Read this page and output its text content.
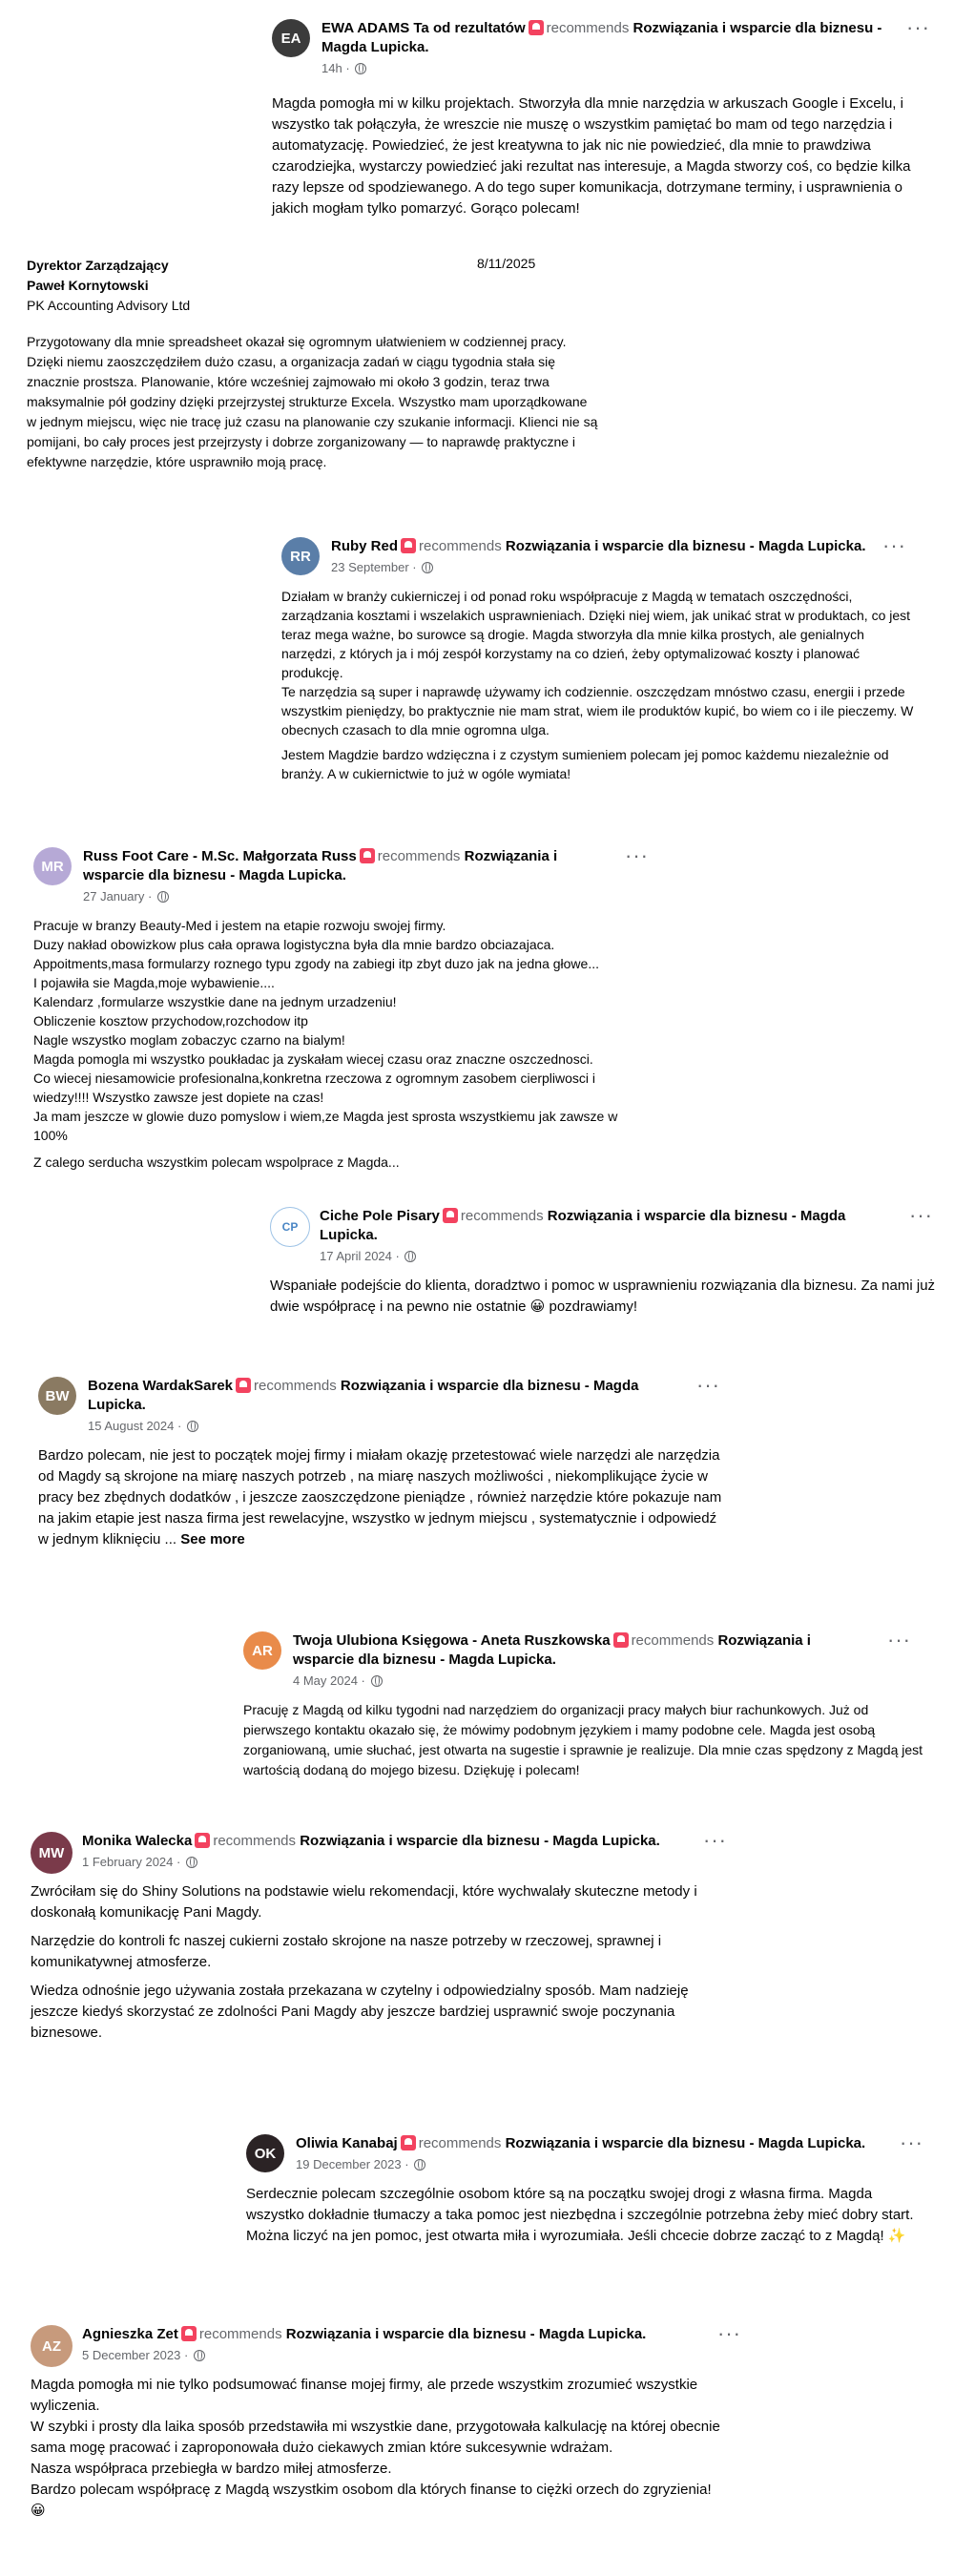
EA
EWA ADAMS Ta od rezultatów recommends Rozwiązania i wsparcie dla biznesu - Magda Lupicka.
14h ·
···
Magda pomogła mi w kilku projektach. Stworzyła dla mnie narzędzia w arkuszach Google i Excelu, i wszystko tak połączyła, że wreszcie nie muszę o wszystkim pamiętać bo mam od tego narzędzia i automatyzację. Powiedzieć, że jest kreatywna to jak nic nie powiedzieć, dla mnie to prawdziwa czarodziejka, wystarczy powiedzieć jaki rezultat nas interesuje, a Magda stworzy coś, co będzie kilka razy lepsze od spodziewanego. A do tego super komunikacja, dotrzymane terminy, i usprawnienia o jakich mogłam tylko pomarzyć. Gorąco polecam!
Dyrektor Zarządzający
Paweł Kornytowski
PK Accounting Advisory Ltd
8/11/2025
Przygotowany dla mnie spreadsheet okazał się ogromnym ułatwieniem w codziennej pracy. Dzięki niemu zaoszczędziłem dużo czasu, a organizacja zadań w ciągu tygodnia stała się znacznie prostsza. Planowanie, które wcześniej zajmowało mi około 3 godzin, teraz trwa maksymalnie pół godziny dzięki przejrzystej strukturze Excela. Wszystko mam uporządkowane w jednym miejscu, więc nie tracę już czasu na planowanie czy szukanie informacji. Klienci nie są pomijani, bo cały proces jest przejrzysty i dobrze zorganizowany — to naprawdę praktyczne i efektywne narzędzie, które usprawniło moją pracę.
RR
Ruby Red recommends Rozwiązania i wsparcie dla biznesu - Magda Lupicka.
23 September ·
···

Działam w branży cukierniczej i od ponad roku współpracuje z Magdą w tematach oszczędności, zarządzania kosztami i wszelakich usprawnieniach. Dzięki niej wiem, jak unikać strat w produktach, co jest teraz mega ważne, bo surowce są drogie. Magda stworzyła dla mnie kilka prostych, ale genialnych narzędzi, z których ja i mój zespół korzystamy na co dzień, żeby optymalizować koszty i planować produkcję.

Te narzędzia są super i naprawdę używamy ich codziennie. oszczędzam mnóstwo czasu, energii i przede wszystkim pieniędzy, bo praktycznie nie mam strat, wiem ile produktów kupić, bo wiem co i ile pieczemy. W obecnych czasach to dla mnie ogromna ulga.

Jestem Magdzie bardzo wdzięczna i z czystym sumieniem polecam jej pomoc każdemu niezależnie od branży. A w cukiernictwie to już w ogóle wymiata!

MR
Russ Foot Care - M.Sc. Małgorzata Russ recommends Rozwiązania i wsparcie dla biznesu - Magda Lupicka.
27 January ·
···
Pracuje w branzy Beauty-Med i jestem na etapie rozwoju swojej firmy.
Duzy nakład obowizkow plus cała oprawa logistyczna była dla mnie bardzo obciazajaca.
Appoitments,masa formularzy roznego typu zgody na zabiegi itp zbyt duzo jak na jedna głowe...
I pojawiła sie Magda,moje wybawienie....
Kalendarz ,formularze wszystkie dane na jednym urzadzeniu!
Obliczenie kosztow przychodow,rozchodow itp
Nagle wszystko moglam zobaczyc czarno na bialym!
Magda pomogla mi wszystko poukładac ja zyskałam wiecej czasu oraz znaczne oszczednosci.
Co wiecej niesamowicie profesionalna,konkretna rzeczowa z ogromnym zasobem cierpliwosci i wiedzy!!!! Wszystko zawsze jest dopiete na czas!
Ja mam jeszcze w glowie duzo pomyslow i wiem,ze Magda jest sprosta wszystkiemu jak zawsze w 100%
Z calego serducha wszystkim polecam wspolprace z Magda...
CP
Ciche Pole Pisary recommends Rozwiązania i wsparcie dla biznesu - Magda Lupicka.
17 April 2024 ·
···
Wspaniałe podejście do klienta, doradztwo i pomoc w usprawnieniu rozwiązania dla biznesu. Za nami już dwie współpracę i na pewno nie ostatnie 😀 pozdrawiamy!
BW
Bozena WardakSarek recommends Rozwiązania i wsparcie dla biznesu - Magda Lupicka.
15 August 2024 ·
···
Bardzo polecam, nie jest to początek mojej firmy i miałam okazję przetestować wiele narzędzi ale narzędzia od Magdy są skrojone na miarę naszych potrzeb , na miarę naszych możliwości , niekomplikujące życie w pracy bez zbędnych dodatków , i jeszcze zaoszczędzone pieniądze , również narzędzie które pokazuje nam na jakim etapie jest nasza firma jest rewelacyjne, wszystko w jednym miejscu , systematycznie i odpowiedź w jednym kliknięciu ... See more
AR
Twoja Ulubiona Księgowa - Aneta Ruszkowska recommends Rozwiązania i wsparcie dla biznesu - Magda Lupicka.
4 May 2024 ·
···
Pracuję z Magdą od kilku tygodni nad narzędziem do organizacji pracy małych biur rachunkowych. Już od pierwszego kontaktu okazało się, że mówimy podobnym językiem i mamy podobne cele. Magda jest osobą zorganiowaną, umie słuchać, jest otwarta na sugestie i sprawnie je realizuje. Dla mnie czas spędzony z Magdą jest wartością dodaną do mojego bizesu. Dziękuję i polecam!
MW
Monika Walecka recommends Rozwiązania i wsparcie dla biznesu - Magda Lupicka.
1 February 2024 ·
···

Zwróciłam się do Shiny Solutions na podstawie wielu rekomendacji, które wychwalały skuteczne metody i doskonałą komunikację Pani Magdy.

Narzędzie do kontroli fc naszej cukierni zostało skrojone na nasze potrzeby w rzeczowej, sprawnej i komunikatywnej atmosferze.

Wiedza odnośnie jego używania została przekazana w czytelny i odpowiedzialny sposób. Mam nadzieję jeszcze kiedyś skorzystać ze zdolności Pani Magdy aby jeszcze bardziej usprawnić swoje poczynania biznesowe.

OK
Oliwia Kanabaj recommends Rozwiązania i wsparcie dla biznesu - Magda Lupicka.
19 December 2023 ·
···
Serdecznie polecam szczególnie osobom które są na początku swojej drogi z własna firma. Magda wszystko dokładnie tłumaczy a taka pomoc jest niezbędna i szczególnie potrzebna żeby mieć dobry start. Można liczyć na jen pomoc, jest otwarta miła i wyrozumiała. Jeśli chcecie dobrze zacząć to z Magdą! ✨
AZ
Agnieszka Zet recommends Rozwiązania i wsparcie dla biznesu - Magda Lupicka.
5 December 2023 ·
···
Magda pomogła mi nie tylko podsumować finanse mojej firmy, ale przede wszystkim zrozumieć wszystkie wyliczenia.
W szybki i prosty dla laika sposób przedstawiła mi wszystkie dane, przygotowała kalkulację na której obecnie sama mogę pracować i zaproponowała dużo ciekawych zmian które sukcesywnie wdrażam.
Nasza współpraca przebiegła w bardzo miłej atmosferze.
Bardzo polecam współpracę z Magdą wszystkim osobom dla których finanse to ciężki orzech do zgryzienia! 😀
